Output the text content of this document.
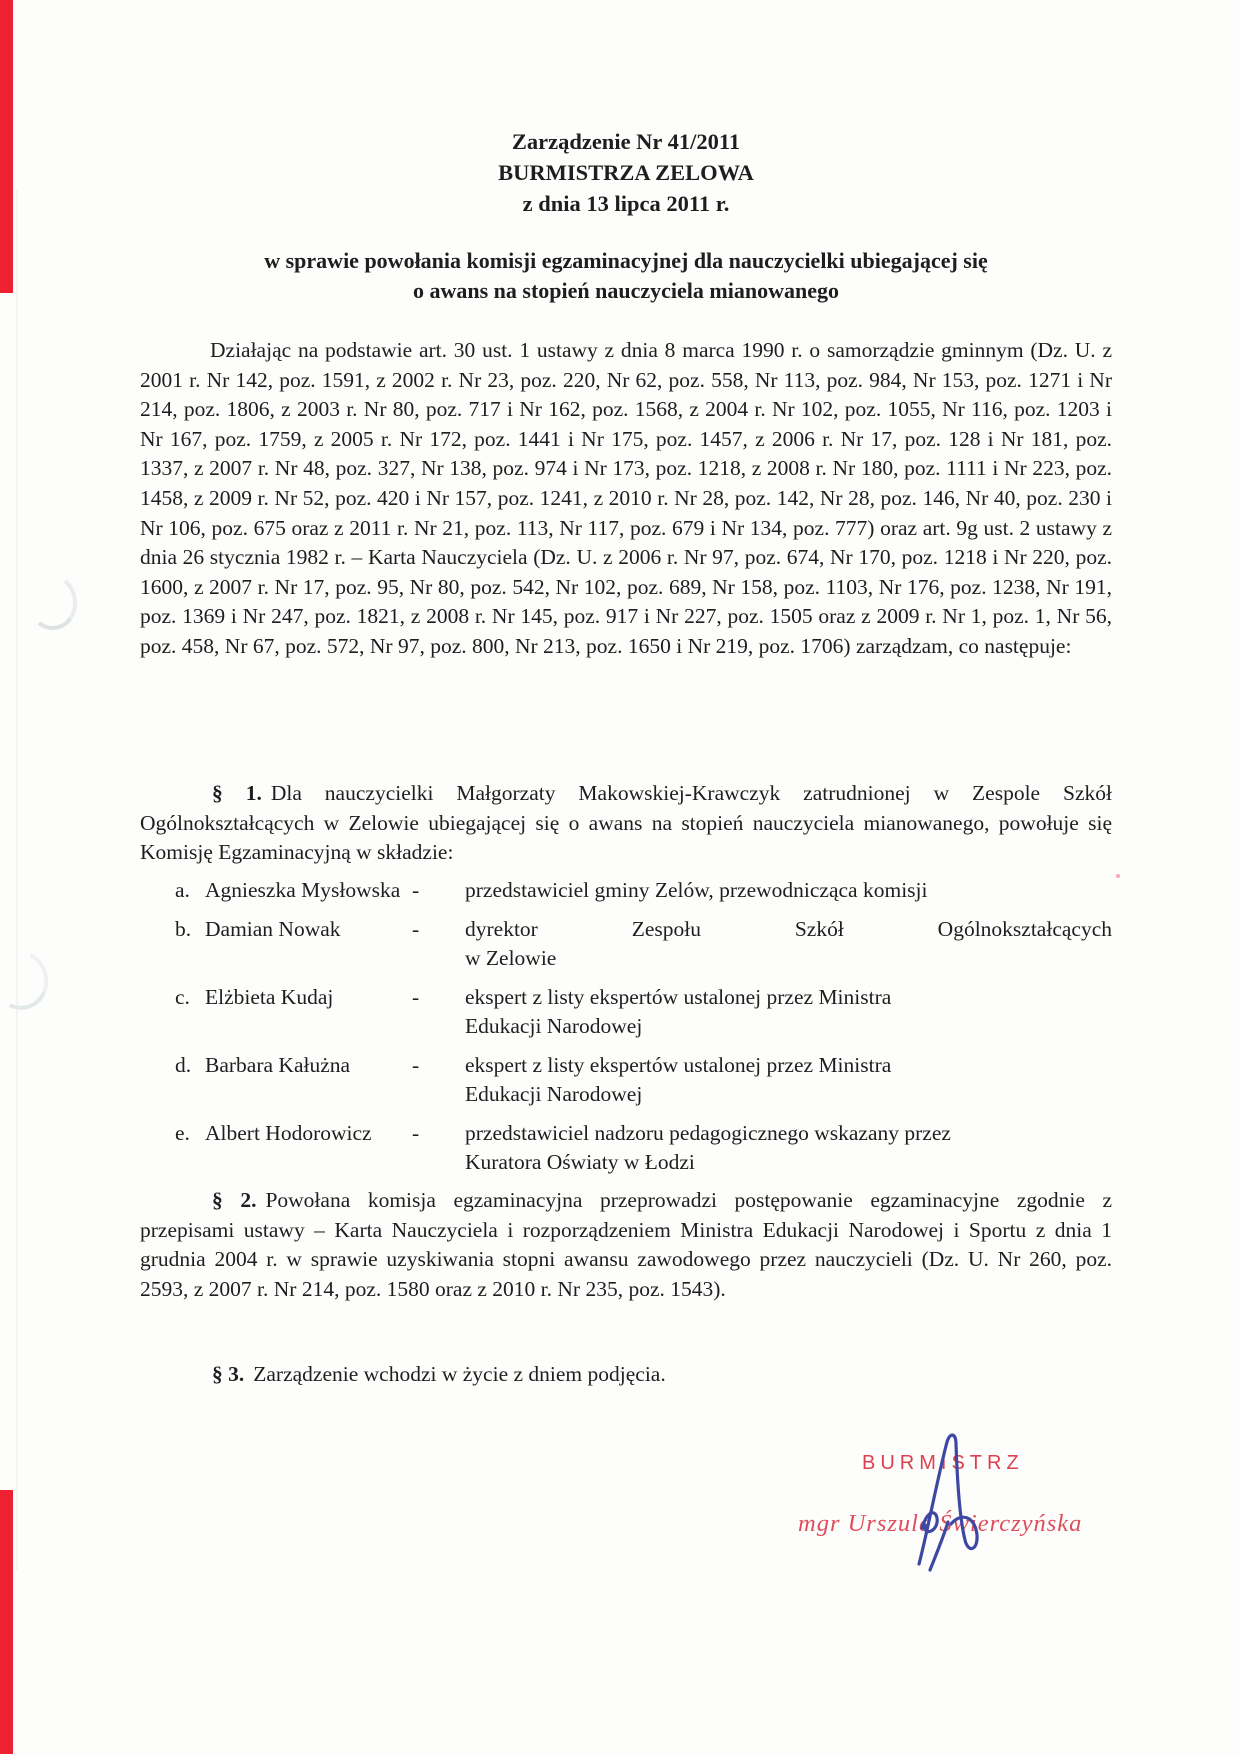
Zarządzenie Nr 41/2011
BURMISTRZA ZELOWA
z dnia 13 lipca 2011 r.
w sprawie powołania komisji egzaminacyjnej dla nauczycielki ubiegającej się
o awans na stopień nauczyciela mianowanego
Działając na podstawie art. 30 ust. 1 ustawy z dnia 8 marca 1990 r. o samorządzie gminnym (Dz. U. z 2001 r. Nr 142, poz. 1591, z 2002 r. Nr 23, poz. 220, Nr 62, poz. 558, Nr 113, poz. 984, Nr 153, poz. 1271 i Nr 214, poz. 1806, z 2003 r. Nr 80, poz. 717 i Nr 162, poz. 1568, z 2004 r. Nr 102, poz. 1055, Nr 116, poz. 1203 i Nr 167, poz. 1759, z 2005 r. Nr 172, poz. 1441 i Nr 175, poz. 1457, z 2006 r. Nr 17, poz. 128 i Nr 181, poz. 1337, z 2007 r. Nr 48, poz. 327, Nr 138, poz. 974 i Nr 173, poz. 1218, z 2008 r. Nr 180, poz. 1111 i Nr 223, poz. 1458, z 2009 r. Nr 52, poz. 420 i Nr 157, poz. 1241, z 2010 r. Nr 28, poz. 142, Nr 28, poz. 146, Nr 40, poz. 230 i Nr 106, poz. 675 oraz z 2011 r. Nr 21, poz. 113, Nr 117, poz. 679 i Nr 134, poz. 777) oraz art. 9g ust. 2 ustawy z dnia 26 stycznia 1982 r. – Karta Nauczyciela (Dz. U. z 2006 r. Nr 97, poz. 674, Nr 170, poz. 1218 i Nr 220, poz. 1600, z 2007 r. Nr 17, poz. 95, Nr 80, poz. 542, Nr 102, poz. 689, Nr 158, poz. 1103, Nr 176, poz. 1238, Nr 191, poz. 1369 i Nr 247, poz. 1821, z 2008 r. Nr 145, poz. 917 i Nr 227, poz. 1505 oraz z 2009 r. Nr 1, poz. 1, Nr 56, poz. 458, Nr 67, poz. 572, Nr 97, poz. 800, Nr 213, poz. 1650 i Nr 219, poz. 1706) zarządzam, co następuje:
§ 1. Dla nauczycielki Małgorzaty Makowskiej-Krawczyk zatrudnionej w Zespole Szkół Ogólnokształcących w Zelowie ubiegającej się o awans na stopień nauczyciela mianowanego, powołuje się Komisję Egzaminacyjną w składzie:
a. Agnieszka Mysłowska -	przedstawiciel gminy Zelów, przewodnicząca komisji
b. Damian Nowak	-	dyrektor Zespołu Szkół Ogólnokształcących
w Zelowie
c. Elżbieta Kudaj	-	ekspert z listy ekspertów ustalonej przez Ministra
Edukacji Narodowej
d. Barbara Kałużna	-	ekspert z listy ekspertów ustalonej przez Ministra
Edukacji Narodowej
e. Albert Hodorowicz	-	przedstawiciel nadzoru pedagogicznego wskazany przez
Kuratora Oświaty w Łodzi
§ 2. Powołana komisja egzaminacyjna przeprowadzi postępowanie egzaminacyjne zgodnie z przepisami ustawy – Karta Nauczyciela i rozporządzeniem Ministra Edukacji Narodowej i Sportu z dnia 1 grudnia 2004 r. w sprawie uzyskiwania stopni awansu zawodowego przez nauczycieli (Dz. U. Nr 260, poz. 2593, z 2007 r. Nr 214, poz. 1580 oraz z 2010 r. Nr 235, poz. 1543).
§ 3. Zarządzenie wchodzi w życie z dniem podjęcia.
BURMISTRZ
mgr Urszula Świerczyńska
